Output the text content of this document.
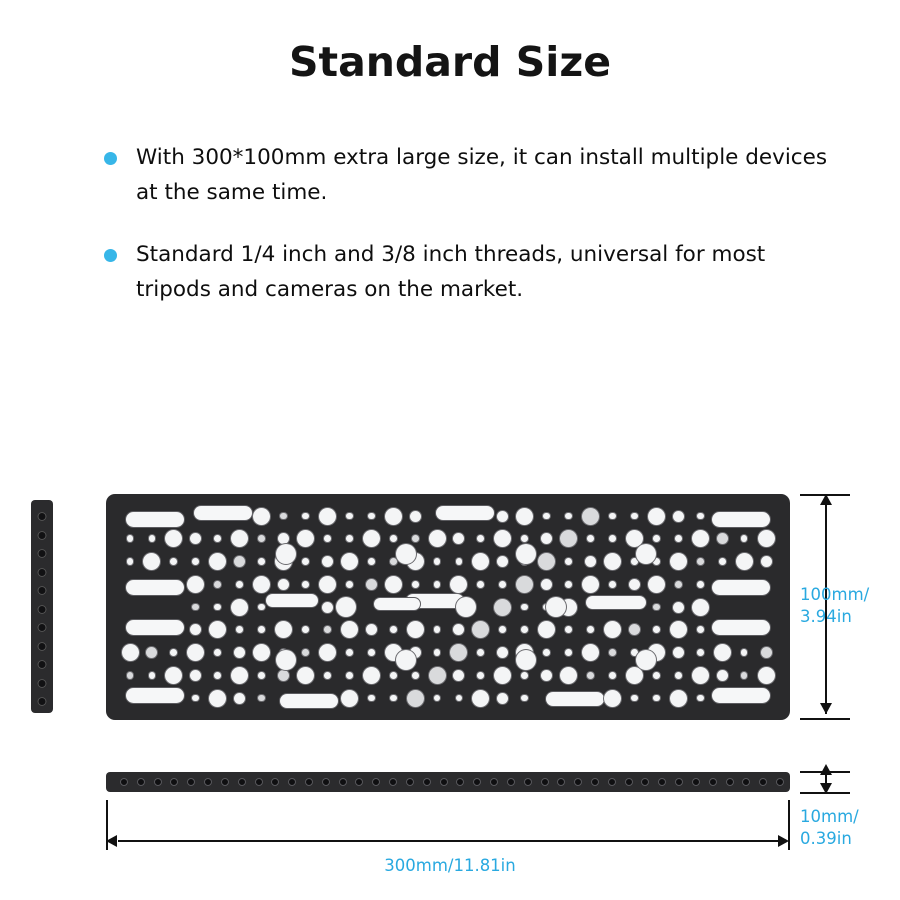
Standard Size
With 300*100mm extra large size, it can install multiple devices at the same time.
Standard 1/4 inch and 3/8 inch threads, universal for most tripods and cameras on the market.
100mm/
3.94in
10mm/
0.39in
300mm/11.81in
